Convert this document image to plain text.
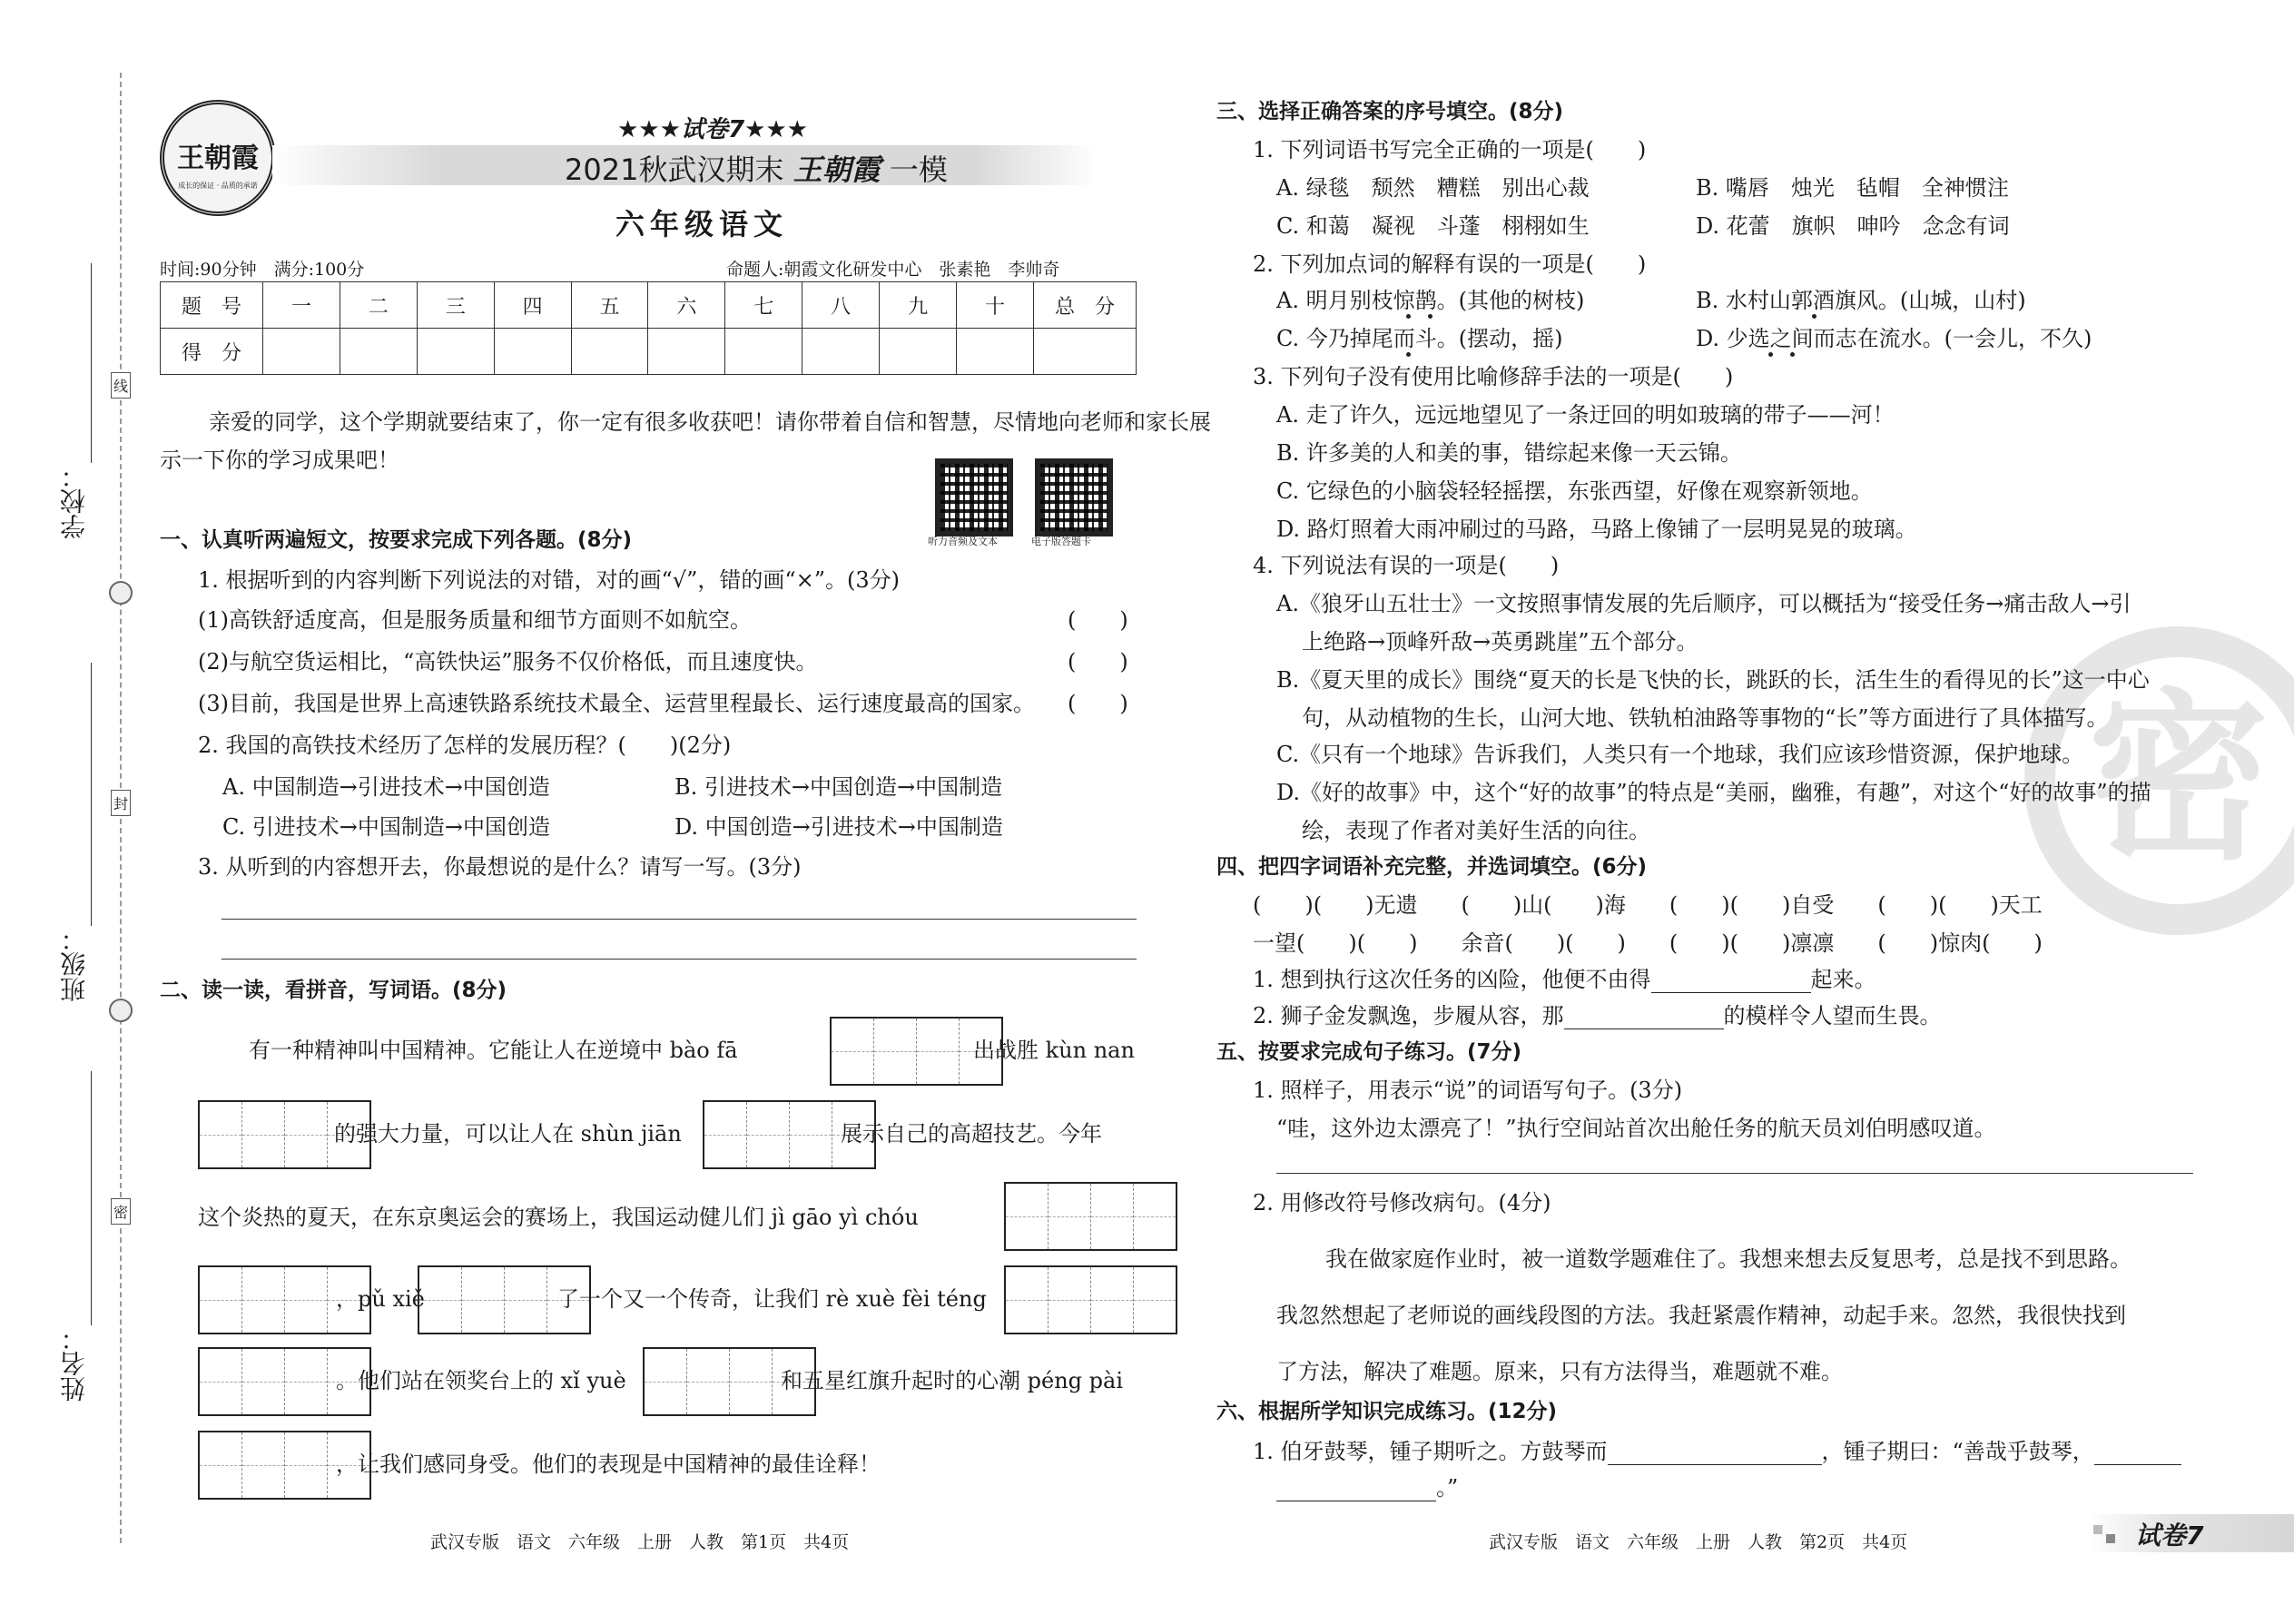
学校：
班级：
姓名：
线
封
密
王朝霞
成长的保证 · 品质的承诺
★★★试卷7★★★
2021秋武汉期末 王朝霞 一模
六年级语文
时间:90分钟　满分:100分	命题人:朝霞文化研发中心　张素艳　李帅奇
题　号	一	二	三	四	五	六	七	八	九	十	总　分
得　分											
亲爱的同学，这个学期就要结束了，你一定有很多收获吧！请你带着自信和智慧，尽情地向老师和家长展
示一下你的学习成果吧！
听力音频及文本	电子版答题卡
一、认真听两遍短文，按要求完成下列各题。(8分)
1. 根据听到的内容判断下列说法的对错，对的画“√”，错的画“×”。(3分)
(1)高铁舒适度高，但是服务质量和细节方面则不如航空。	(　　)
(2)与航空货运相比，“高铁快运”服务不仅价格低，而且速度快。	(　　)
(3)目前，我国是世界上高速铁路系统技术最全、运营里程最长、运行速度最高的国家。 (　　)
2. 我国的高铁技术经历了怎样的发展历程？(　　)(2分)
A. 中国制造→引进技术→中国创造	B. 引进技术→中国创造→中国制造
C. 引进技术→中国制造→中国创造	D. 中国创造→引进技术→中国制造
3. 从听到的内容想开去，你最想说的是什么？请写一写。(3分)
二、读一读，看拼音，写词语。(8分)
有一种精神叫中国精神。它能让人在逆境中 bào fā	出战胜 kùn nan
的强大力量，可以让人在 shùn jiān	展示自己的高超技艺。今年
这个炎热的夏天，在东京奥运会的赛场上，我国运动健儿们 jì gāo yì chóu
，pǔ xiě	了一个又一个传奇，让我们 rè xuè fèi téng
。他们站在领奖台上的 xǐ yuè	和五星红旗升起时的心潮 péng pài
，让我们感同身受。他们的表现是中国精神的最佳诠释！
武汉专版　语文　六年级　上册　人教　第1页　共4页
密
三、选择正确答案的序号填空。(8分)
1. 下列词语书写完全正确的一项是(　　)
A. 绿毯　颓然　糟糕　别出心裁	B. 嘴唇　烛光　毡帽　全神惯注
C. 和蔼　凝视　斗蓬　栩栩如生	D. 花蕾　旗帜　呻吟　念念有词
2. 下列加点词的解释有误的一项是(　　)
A. 明月别枝惊鹊。(其他的树枝)	B. 水村山郭酒旗风。(山城，山村)
C. 今乃掉尾而斗。(摆动，摇)	D. 少选之间而志在流水。(一会儿，不久)
3. 下列句子没有使用比喻修辞手法的一项是(　　)
A. 走了许久，远远地望见了一条迂回的明如玻璃的带子——河！
B. 许多美的人和美的事，错综起来像一天云锦。
C. 它绿色的小脑袋轻轻摇摆，东张西望，好像在观察新领地。
D. 路灯照着大雨冲刷过的马路，马路上像铺了一层明晃晃的玻璃。
4. 下列说法有误的一项是(　　)
A.《狼牙山五壮士》一文按照事情发展的先后顺序，可以概括为“接受任务→痛击敌人→引
上绝路→顶峰歼敌→英勇跳崖”五个部分。
B.《夏天里的成长》围绕“夏天的长是飞快的长，跳跃的长，活生生的看得见的长”这一中心
句，从动植物的生长，山河大地、铁轨柏油路等事物的“长”等方面进行了具体描写。
C.《只有一个地球》告诉我们，人类只有一个地球，我们应该珍惜资源，保护地球。
D.《好的故事》中，这个“好的故事”的特点是“美丽，幽雅，有趣”，对这个“好的故事”的描
绘，表现了作者对美好生活的向往。
四、把四字词语补充完整，并选词填空。(6分)
(　　)(　　)无遗　　(　　)山(　　)海　　(　　)(　　)自受　　(　　)(　　)天工
一望(　　)(　　)　　余音(　　)(　　)　　(　　)(　　)凛凛　　(　　)惊肉(　　)
1. 想到执行这次任务的凶险，他便不由得	起来。
2. 狮子金发飘逸，步履从容，那	的模样令人望而生畏。
五、按要求完成句子练习。(7分)
1. 照样子，用表示“说”的词语写句子。(3分)
“哇，这外边太漂亮了！”执行空间站首次出舱任务的航天员刘伯明感叹道。
2. 用修改符号修改病句。(4分)
我在做家庭作业时，被一道数学题难住了。我想来想去反复思考，总是找不到思路。
我忽然想起了老师说的画线段图的方法。我赶紧震作精神，动起手来。忽然，我很快找到
了方法，解决了难题。原来，只有方法得当，难题就不难。
六、根据所学知识完成练习。(12分)
1. 伯牙鼓琴，锺子期听之。方鼓琴而	，锺子期曰：“善哉乎鼓琴，
。”
武汉专版　语文　六年级　上册　人教　第2页　共4页	试卷7
